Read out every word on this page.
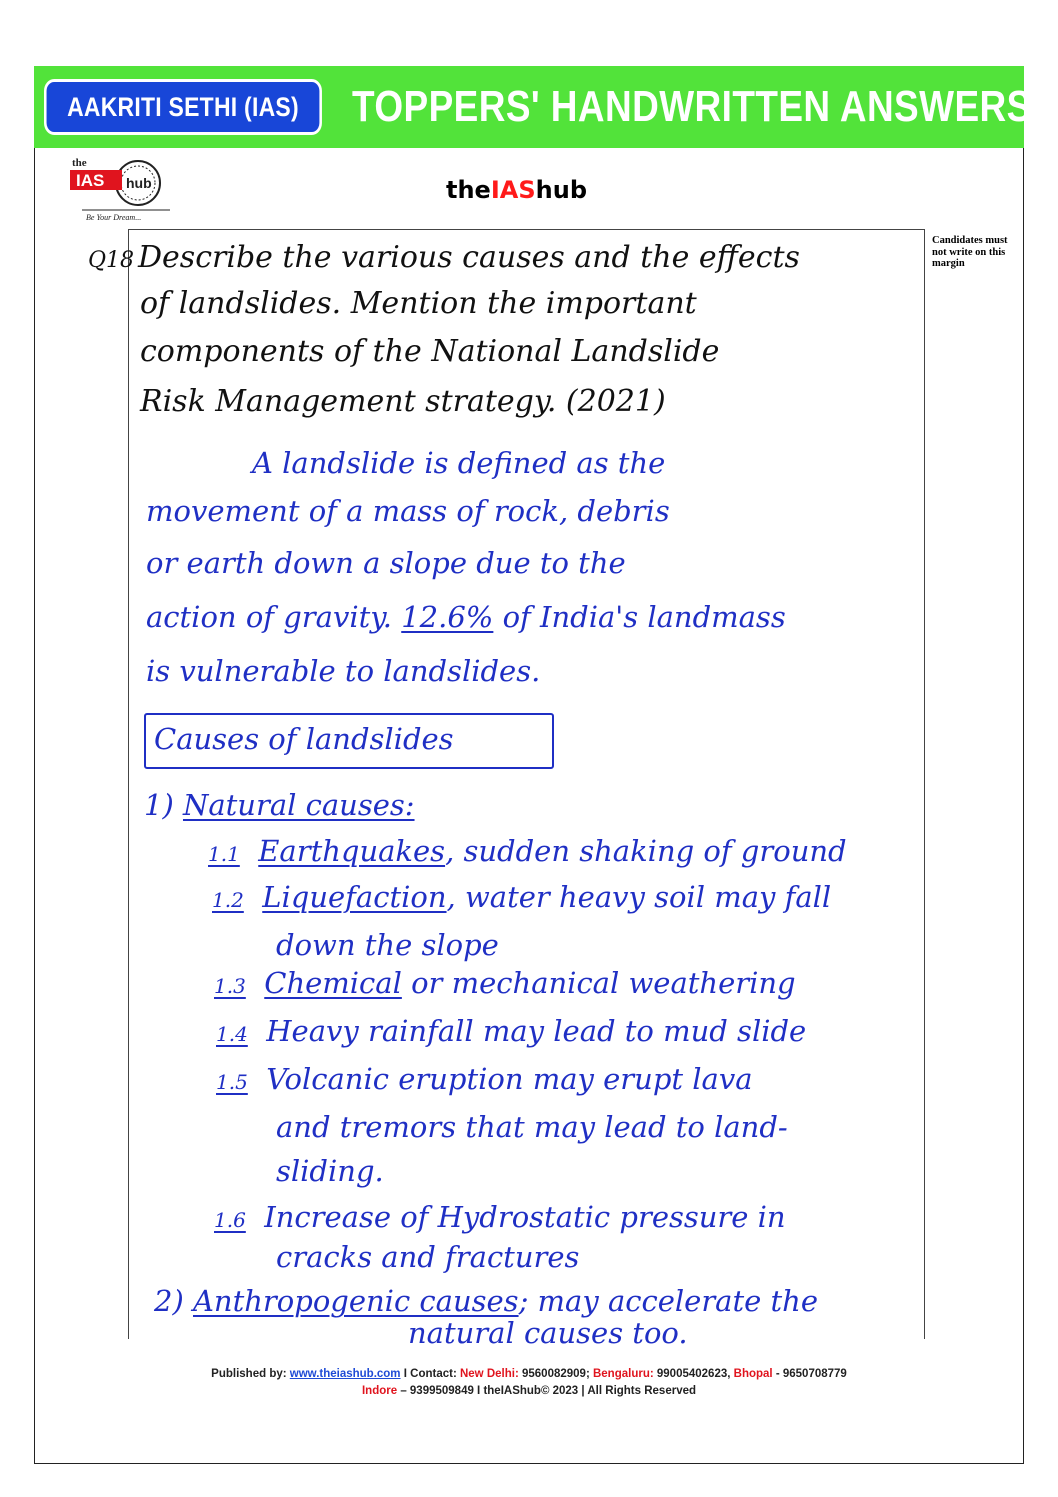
AAKRITI SETHI (IAS)	TOPPERS' HANDWRITTEN ANSWERS
the
IAS hub
Be Your Dream...
theIAShub
Candidates must not write on this margin
Q18 Describe the various causes and the effects
of landslides. Mention the important
components of the National Landslide
Risk Management strategy. (2021)
A landslide is defined as the
movement of a mass of rock, debris
or earth down a slope due to the
action of gravity. 12.6% of India's landmass
is vulnerable to landslides.
Causes of landslides
1) Natural causes:
1.1 Earthquakes, sudden shaking of ground
1.2 Liquefaction, water heavy soil may fall
down the slope
1.3 Chemical or mechanical weathering
1.4 Heavy rainfall may lead to mud slide
1.5 Volcanic eruption may erupt lava
and tremors that may lead to land-
sliding.
1.6 Increase of Hydrostatic pressure in
cracks and fractures
2) Anthropogenic causes; may accelerate the
natural causes too.
Published by: www.theiashub.com I Contact: New Delhi: 9560082909; Bengaluru: 99005402623, Bhopal - 9650708779
Indore – 9399509849 I theIAShub© 2023 | All Rights Reserved
